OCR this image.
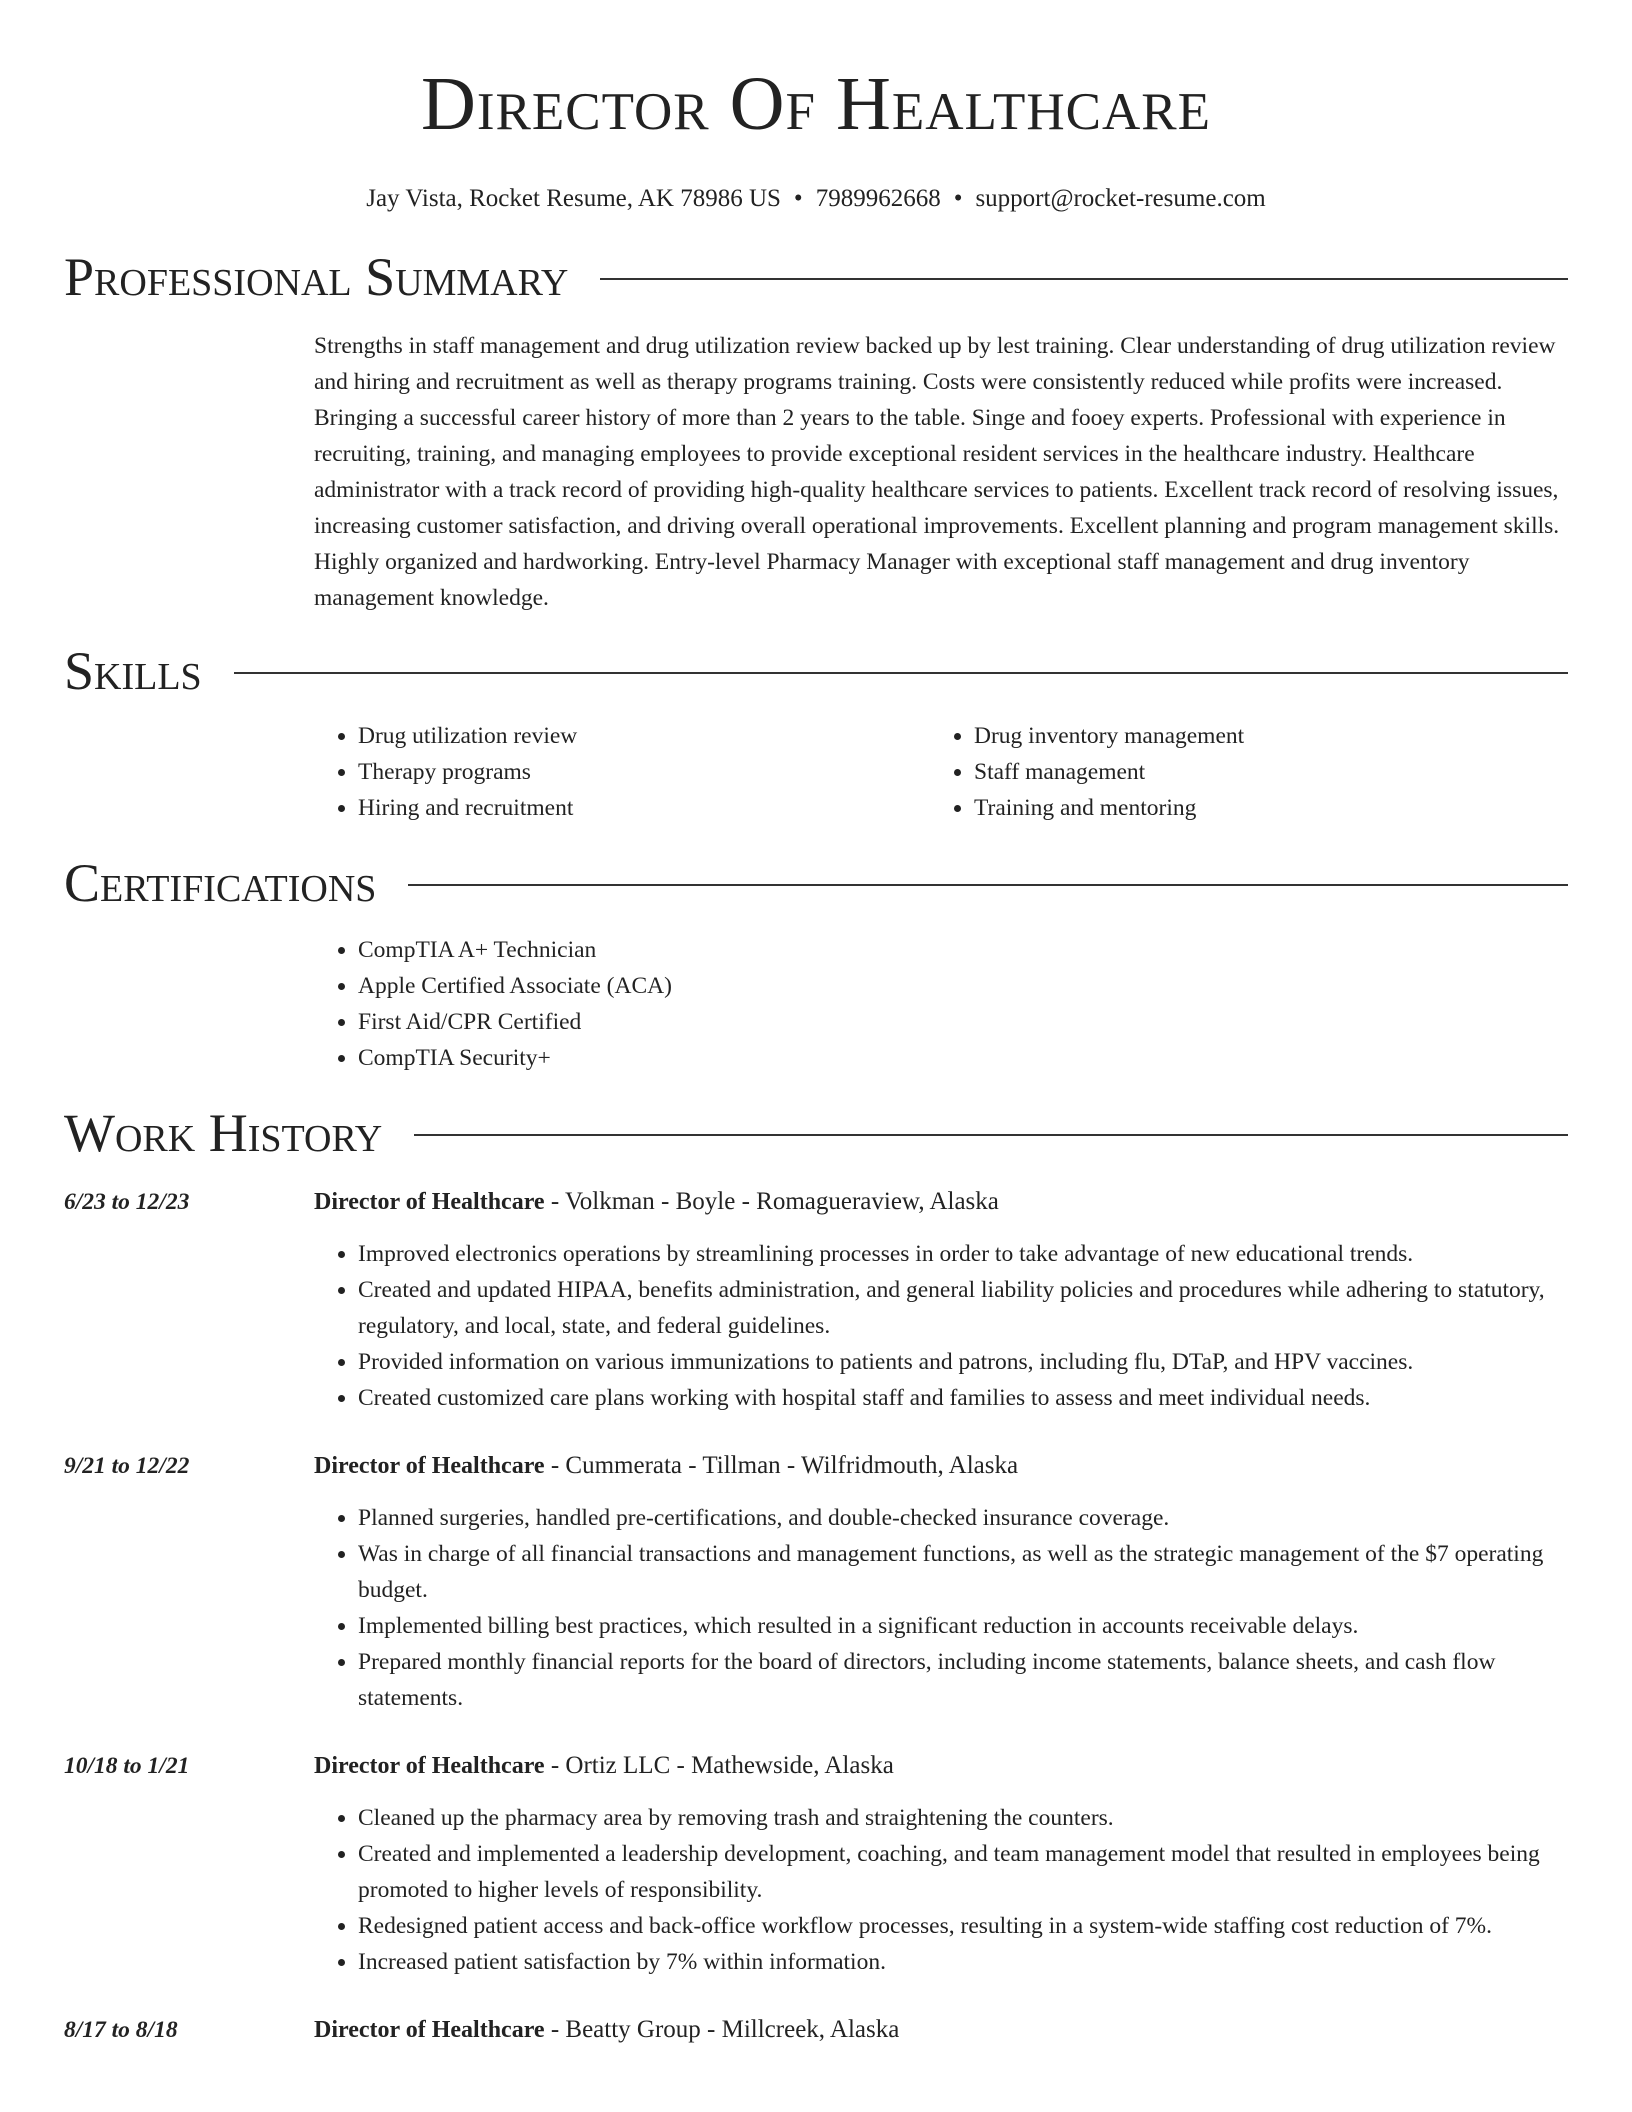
Director Of Healthcare
Jay Vista, Rocket Resume, AK 78986 US • 7989962668 • support@rocket-resume.com
Professional Summary
Strengths in staff management and drug utilization review backed up by lest training. Clear understanding of drug utilization review and hiring and recruitment as well as therapy programs training. Costs were consistently reduced while profits were increased. Bringing a successful career history of more than 2 years to the table. Singe and fooey experts. Professional with experience in recruiting, training, and managing employees to provide exceptional resident services in the healthcare industry. Healthcare administrator with a track record of providing high-quality healthcare services to patients. Excellent track record of resolving issues, increasing customer satisfaction, and driving overall operational improvements. Excellent planning and program management skills. Highly organized and hardworking. Entry-level Pharmacy Manager with exceptional staff management and drug inventory management knowledge.
Skills
• Drug utilization review
• Therapy programs
• Hiring and recruitment
• Drug inventory management
• Staff management
• Training and mentoring
Certifications
• CompTIA A+ Technician
• Apple Certified Associate (ACA)
• First Aid/CPR Certified
• CompTIA Security+
Work History
6/23 to 12/23	Director of Healthcare - Volkman - Boyle - Romagueraview, Alaska
• Improved electronics operations by streamlining processes in order to take advantage of new educational trends.
• Created and updated HIPAA, benefits administration, and general liability policies and procedures while adhering to statutory, regulatory, and local, state, and federal guidelines.
• Provided information on various immunizations to patients and patrons, including flu, DTaP, and HPV vaccines.
• Created customized care plans working with hospital staff and families to assess and meet individual needs.
9/21 to 12/22	Director of Healthcare - Cummerata - Tillman - Wilfridmouth, Alaska
• Planned surgeries, handled pre-certifications, and double-checked insurance coverage.
• Was in charge of all financial transactions and management functions, as well as the strategic management of the $7 operating budget.
• Implemented billing best practices, which resulted in a significant reduction in accounts receivable delays.
• Prepared monthly financial reports for the board of directors, including income statements, balance sheets, and cash flow statements.
10/18 to 1/21	Director of Healthcare - Ortiz LLC - Mathewside, Alaska
• Cleaned up the pharmacy area by removing trash and straightening the counters.
• Created and implemented a leadership development, coaching, and team management model that resulted in employees being promoted to higher levels of responsibility.
• Redesigned patient access and back-office workflow processes, resulting in a system-wide staffing cost reduction of 7%.
• Increased patient satisfaction by 7% within information.
8/17 to 8/18	Director of Healthcare - Beatty Group - Millcreek, Alaska
